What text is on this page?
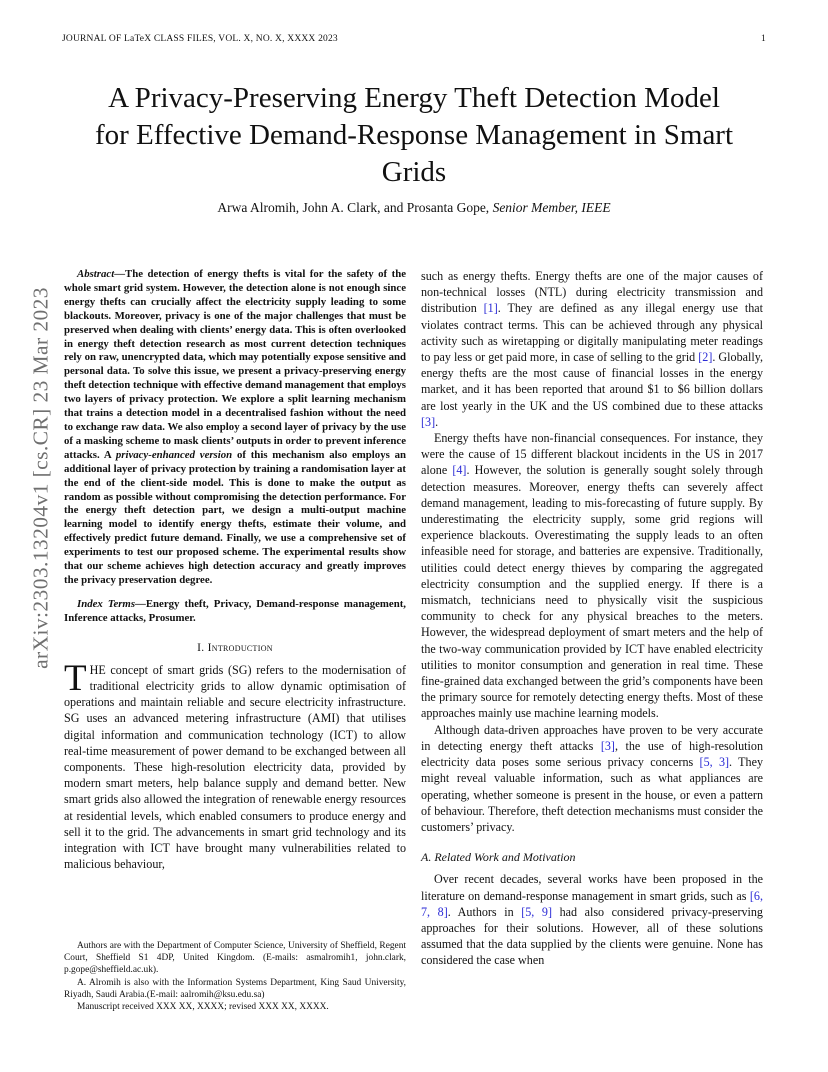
JOURNAL OF LaTeX CLASS FILES, VOL. X, NO. X, XXXX 2023	1
arXiv:2303.13204v1 [cs.CR] 23 Mar 2023
A Privacy-Preserving Energy Theft Detection Model for Effective Demand-Response Management in Smart Grids
Arwa Alromih, John A. Clark, and Prosanta Gope, Senior Member, IEEE

Abstract—The detection of energy thefts is vital for the safety of the whole smart grid system. However, the detection alone is not enough since energy thefts can crucially affect the electricity supply leading to some blackouts. Moreover, privacy is one of the major challenges that must be preserved when dealing with clients’ energy data. This is often overlooked in energy theft detection research as most current detection techniques rely on raw, unencrypted data, which may potentially expose sensitive and personal data. To solve this issue, we present a privacy-preserving energy theft detection technique with effective demand management that employs two layers of privacy protection. We explore a split learning mechanism that trains a detection model in a decentralised fashion without the need to exchange raw data. We also employ a second layer of privacy by the use of a masking scheme to mask clients’ outputs in order to prevent inference attacks. A privacy-enhanced version of this mechanism also employs an additional layer of privacy protection by training a randomisation layer at the end of the client-side model. This is done to make the output as random as possible without compromising the detection performance. For the energy theft detection part, we design a multi-output machine learning model to identify energy thefts, estimate their volume, and effectively predict future demand. Finally, we use a comprehensive set of experiments to test our proposed scheme. The experimental results show that our scheme achieves high detection accuracy and greatly improves the privacy preservation degree.

Index Terms—Energy theft, Privacy, Demand-response management, Inference attacks, Prosumer.

I. Introduction

THE concept of smart grids (SG) refers to the modernisation of traditional electricity grids to allow dynamic optimisation of operations and maintain reliable and secure electricity infrastructure. SG uses an advanced metering infrastructure (AMI) that utilises digital information and communication technology (ICT) to allow real-time measurement of power demand to be exchanged between all components. These high-resolution electricity data, provided by modern smart meters, help balance supply and demand better. New smart grids also allowed the integration of renewable energy resources at residential levels, which enabled consumers to produce energy and sell it to the grid. The advancements in smart grid technology and its integration with ICT have brought many vulnerabilities related to malicious behaviour,

Authors are with the Department of Computer Science, University of Sheffield, Regent Court, Sheffield S1 4DP, United Kingdom. (E-mails: asmalromih1, john.clark, p.gope@sheffield.ac.uk).

A. Alromih is also with the Information Systems Department, King Saud University, Riyadh, Saudi Arabia.(E-mail: aalromih@ksu.edu.sa)

Manuscript received XXX XX, XXXX; revised XXX XX, XXXX.

such as energy thefts. Energy thefts are one of the major causes of non-technical losses (NTL) during electricity transmission and distribution [1]. They are defined as any illegal energy use that violates contract terms. This can be achieved through any physical activity such as wiretapping or digitally manipulating meter readings to pay less or get paid more, in case of selling to the grid [2]. Globally, energy thefts are the most cause of financial losses in the energy market, and it has been reported that around $1 to $6 billion dollars are lost yearly in the UK and the US combined due to these attacks [3].

Energy thefts have non-financial consequences. For instance, they were the cause of 15 different blackout incidents in the US in 2017 alone [4]. However, the solution is generally sought solely through detection measures. Moreover, energy thefts can severely affect demand management, leading to mis-forecasting of future supply. By underestimating the electricity supply, some grid regions will experience blackouts. Overestimating the supply leads to an often infeasible need for storage, and batteries are expensive. Traditionally, utilities could detect energy thieves by comparing the aggregated electricity consumption and the supplied energy. If there is a mismatch, technicians need to physically visit the suspicious community to check for any physical breaches to the meters. However, the widespread deployment of smart meters and the help of the two-way communication provided by ICT have enabled electricity utilities to monitor consumption and generation in real time. These fine-grained data exchanged between the grid’s components have been the primary source for remotely detecting energy thefts. Most of these approaches mainly use machine learning models.

Although data-driven approaches have proven to be very accurate in detecting energy theft attacks [3], the use of high-resolution electricity data poses some serious privacy concerns [5, 3]. They might reveal valuable information, such as what appliances are operating, whether someone is present in the house, or even a pattern of behaviour. Therefore, theft detection mechanisms must consider the customers’ privacy.

A. Related Work and Motivation

Over recent decades, several works have been proposed in the literature on demand-response management in smart grids, such as [6, 7, 8]. Authors in [5, 9] had also considered privacy-preserving approaches for their solutions. However, all of these solutions assumed that the data supplied by the clients were genuine. None has considered the case when
